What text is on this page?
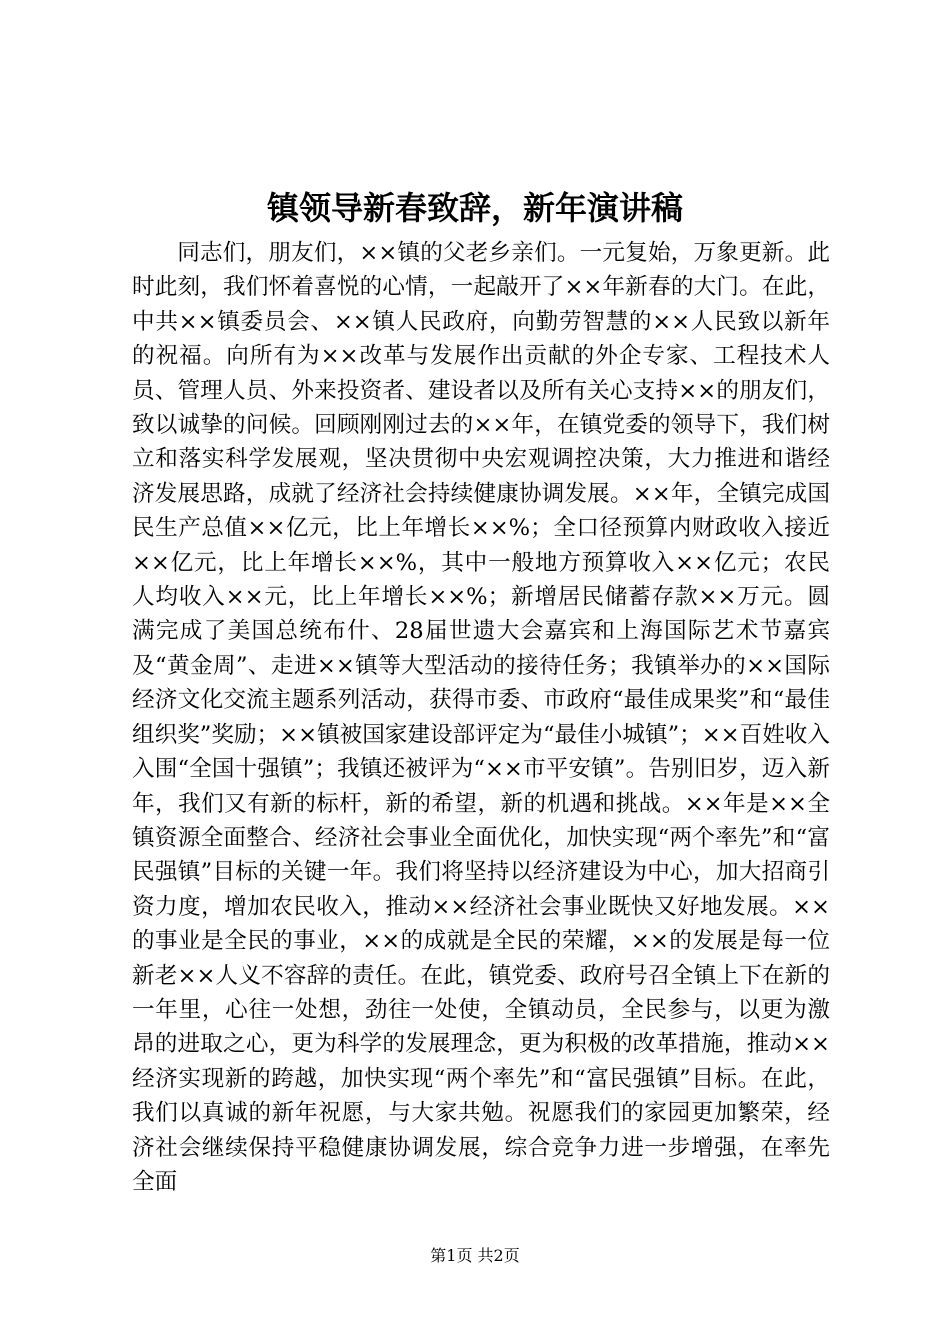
镇领导新春致辞，新年演讲稿

同志们，朋友们，××镇的父老乡亲们。一元复始，万象更新。此时此刻，我们怀着喜悦的心情，一起敲开了××年新春的大门。在此，中共××镇委员会、××镇人民政府，向勤劳智慧的××人民致以新年的祝福。向所有为××改革与发展作出贡献的外企专家、工程技术人员、管理人员、外来投资者、建设者以及所有关心支持××的朋友们，致以诚挚的问候。回顾刚刚过去的××年，在镇党委的领导下，我们树立和落实科学发展观，坚决贯彻中央宏观调控决策，大力推进和谐经济发展思路，成就了经济社会持续健康协调发展。××年，全镇完成国民生产总值××亿元，比上年增长××%；全口径预算内财政收入接近××亿元，比上年增长××%，其中一般地方预算收入××亿元；农民人均收入××元，比上年增长××%；新增居民储蓄存款××万元。圆满完成了美国总统布什、28届世遗大会嘉宾和上海国际艺术节嘉宾及“黄金周”、走进××镇等大型活动的接待任务；我镇举办的××国际经济文化交流主题系列活动，获得市委、市政府“最佳成果奖”和“最佳组织奖”奖励；××镇被国家建设部评定为“最佳小城镇”；××百姓收入入围“全国十强镇”；我镇还被评为“××市平安镇”。告别旧岁，迈入新年，我们又有新的标杆，新的希望，新的机遇和挑战。××年是××全镇资源全面整合、经济社会事业全面优化，加快实现“两个率先”和“富民强镇”目标的关键一年。我们将坚持以经济建设为中心，加大招商引资力度，增加农民收入，推动××经济社会事业既快又好地发展。××的事业是全民的事业，××的成就是全民的荣耀，××的发展是每一位新老××人义不容辞的责任。在此，镇党委、政府号召全镇上下在新的一年里，心往一处想，劲往一处使，全镇动员，全民参与，以更为激昂的进取之心，更为科学的发展理念，更为积极的改革措施，推动××经济实现新的跨越，加快实现“两个率先”和“富民强镇”目标。在此，我们以真诚的新年祝愿，与大家共勉。祝愿我们的家园更加繁荣，经济社会继续保持平稳健康协调发展，综合竞争力进一步增强，在率先全面

第1页 共2页
